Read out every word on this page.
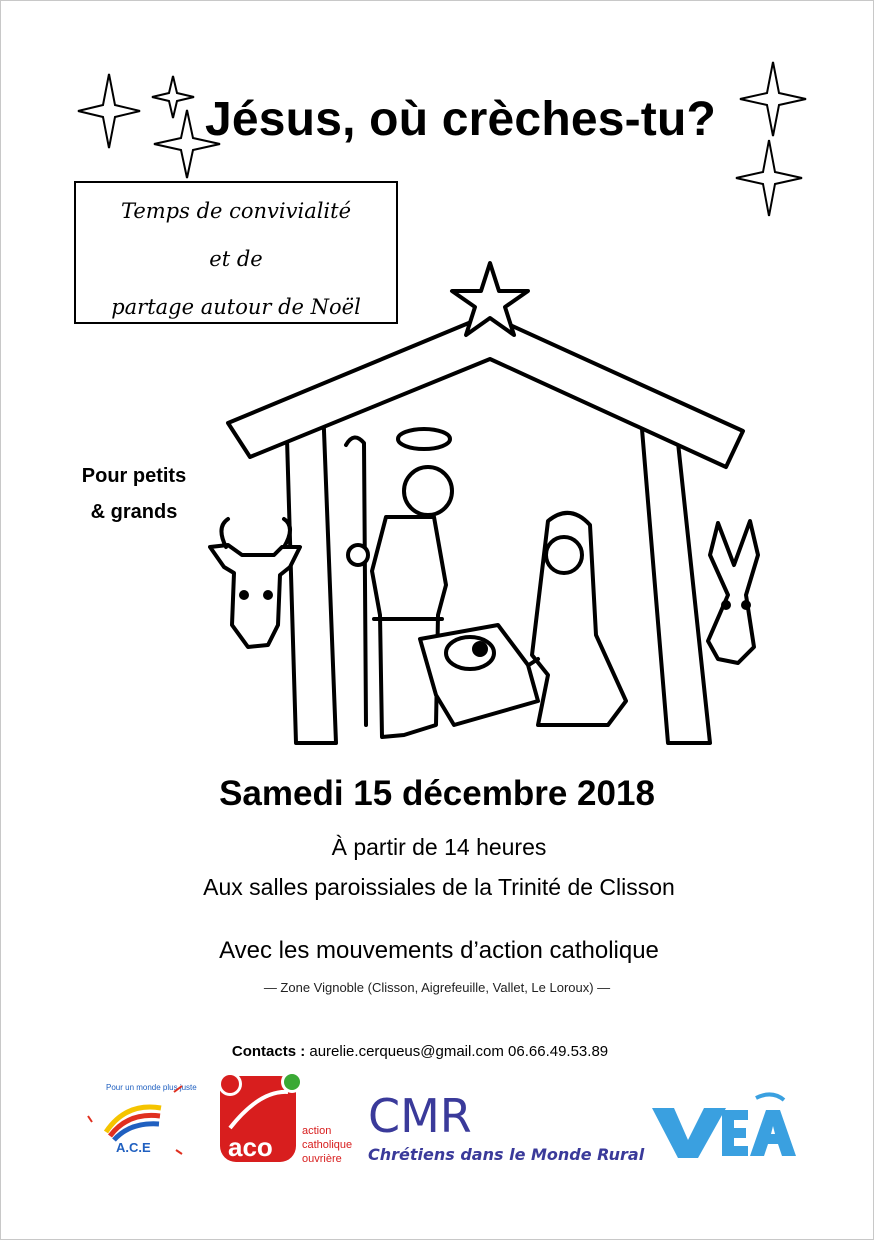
Jésus, où crèches-tu?
Temps de convivialité
et de
partage autour de Noël
Pour petits
& grands
Samedi 15 décembre 2018
À partir de 14 heures
Aux salles paroissiales de la Trinité de Clisson
Avec les mouvements d’action catholique
— Zone Vignoble (Clisson, Aigrefeuille, Vallet, Le Loroux) —
Contacts : aurelie.cerqueus@gmail.com 06.66.49.53.89
Pour un monde plus juste
A.C.E	aco
action
catholique
ouvrière
CMR
Chrétiens dans le Monde Rural
